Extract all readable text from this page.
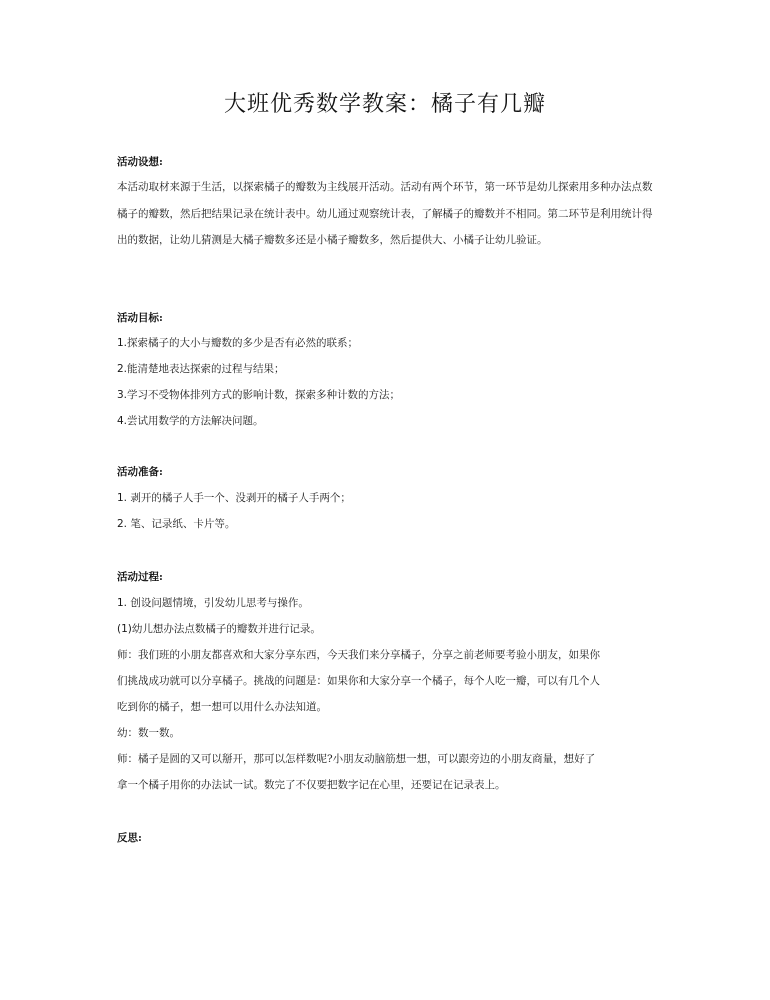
大班优秀数学教案：橘子有几瓣
活动设想:
本活动取材来源于生活，以探索橘子的瓣数为主线展开活动。活动有两个环节，第一环节是幼儿探索用多种办法点数橘子的瓣数，然后把结果记录在统计表中。幼儿通过观察统计表，了解橘子的瓣数并不相同。第二环节是利用统计得出的数据，让幼儿猜测是大橘子瓣数多还是小橘子瓣数多，然后提供大、小橘子让幼儿验证。
活动目标:
1.探索橘子的大小与瓣数的多少是否有必然的联系；
2.能清楚地表达探索的过程与结果；
3.学习不受物体排列方式的影响计数，探索多种计数的方法；
4.尝试用数学的方法解决问题。
活动准备:
1. 剥开的橘子人手一个、没剥开的橘子人手两个；
2. 笔、记录纸、卡片等。
活动过程:
1. 创设问题情境，引发幼儿思考与操作。
(1)幼儿想办法点数橘子的瓣数并进行记录。
师：我们班的小朋友都喜欢和大家分享东西，今天我们来分享橘子，分享之前老师要考验小朋友，如果你
们挑战成功就可以分享橘子。挑战的问题是：如果你和大家分享一个橘子，每个人吃一瓣，可以有几个人
吃到你的橘子，想一想可以用什么办法知道。
幼：数一数。
师：橘子是圆的又可以掰开，那可以怎样数呢?小朋友动脑筋想一想，可以跟旁边的小朋友商量，想好了
拿一个橘子用你的办法试一试。数完了不仅要把数字记在心里，还要记在记录表上。
反思:
